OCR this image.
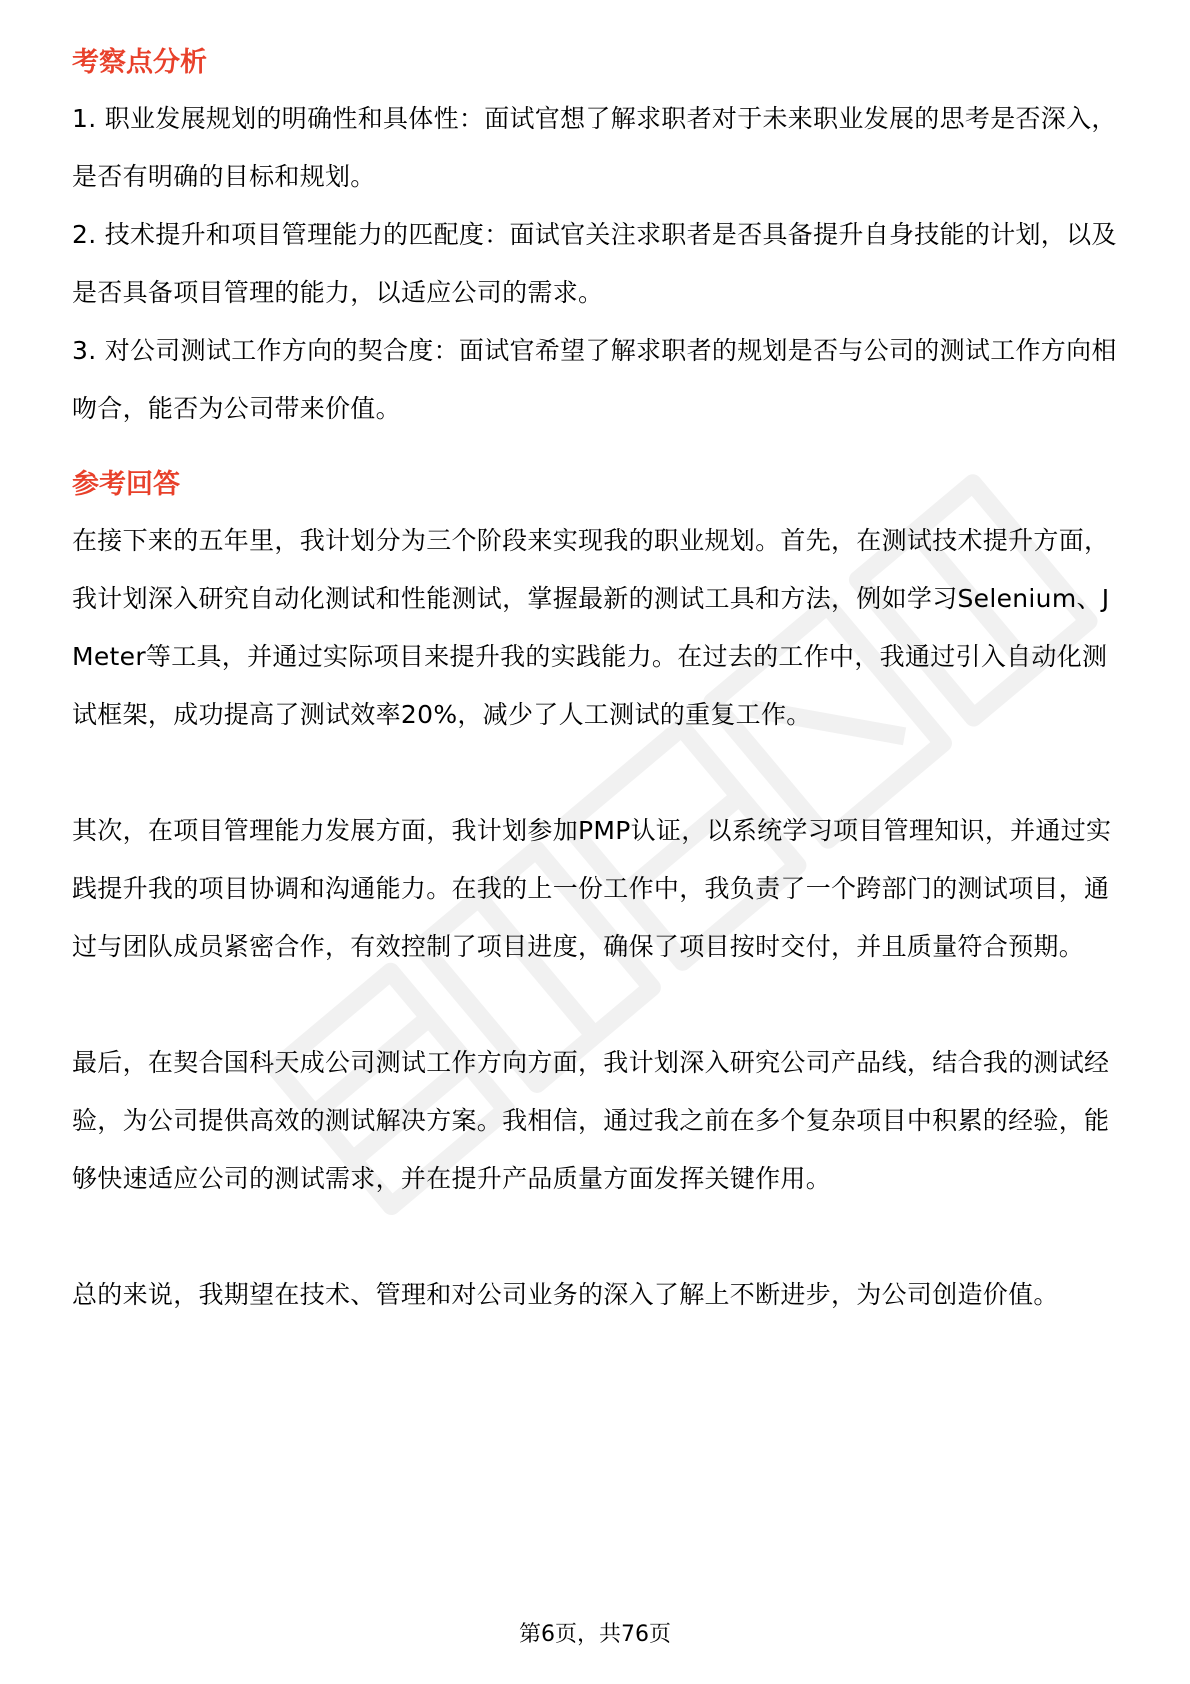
考察点分析

1. 职业发展规划的明确性和具体性：面试官想了解求职者对于未来职业发展的思考是否深入，是否有明确的目标和规划。

2. 技术提升和项目管理能力的匹配度：面试官关注求职者是否具备提升自身技能的计划，以及是否具备项目管理的能力，以适应公司的需求。

3. 对公司测试工作方向的契合度：面试官希望了解求职者的规划是否与公司的测试工作方向相吻合，能否为公司带来价值。

参考回答

在接下来的五年里，我计划分为三个阶段来实现我的职业规划。首先，在测试技术提升方面，我计划深入研究自动化测试和性能测试，掌握最新的测试工具和方法，例如学习Selenium、JMeter等工具，并通过实际项目来提升我的实践能力。在过去的工作中，我通过引入自动化测试框架，成功提高了测试效率20%，减少了人工测试的重复工作。

其次，在项目管理能力发展方面，我计划参加PMP认证，以系统学习项目管理知识，并通过实践提升我的项目协调和沟通能力。在我的上一份工作中，我负责了一个跨部门的测试项目，通过与团队成员紧密合作，有效控制了项目进度，确保了项目按时交付，并且质量符合预期。

最后，在契合国科天成公司测试工作方向方面，我计划深入研究公司产品线，结合我的测试经验，为公司提供高效的测试解决方案。我相信，通过我之前在多个复杂项目中积累的经验，能够快速适应公司的测试需求，并在提升产品质量方面发挥关键作用。

总的来说，我期望在技术、管理和对公司业务的深入了解上不断进步，为公司创造价值。

第6页，共76页
